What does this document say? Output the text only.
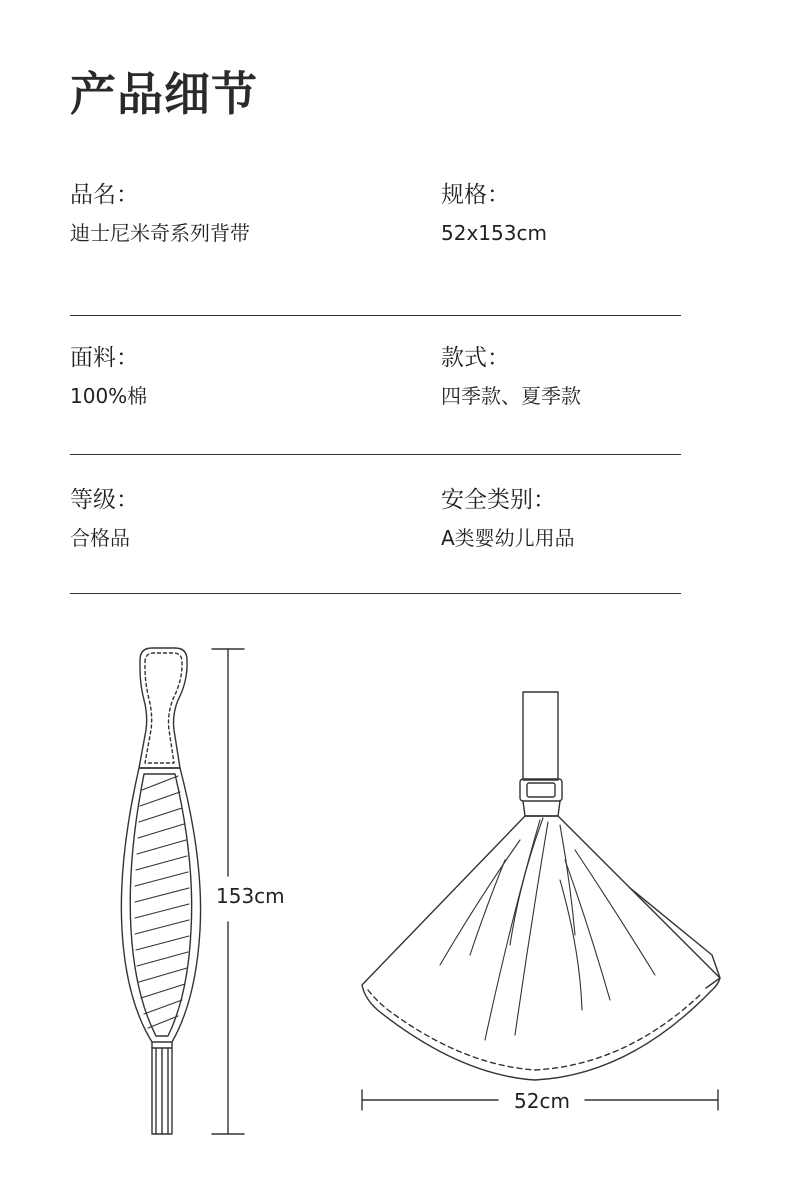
产品细节
品名：
迪士尼米奇系列背带
规格：
52x153cm
面料：
100%棉
款式：
四季款、夏季款
等级：
合格品
安全类别：
A类婴幼儿用品
153cm
52cm
